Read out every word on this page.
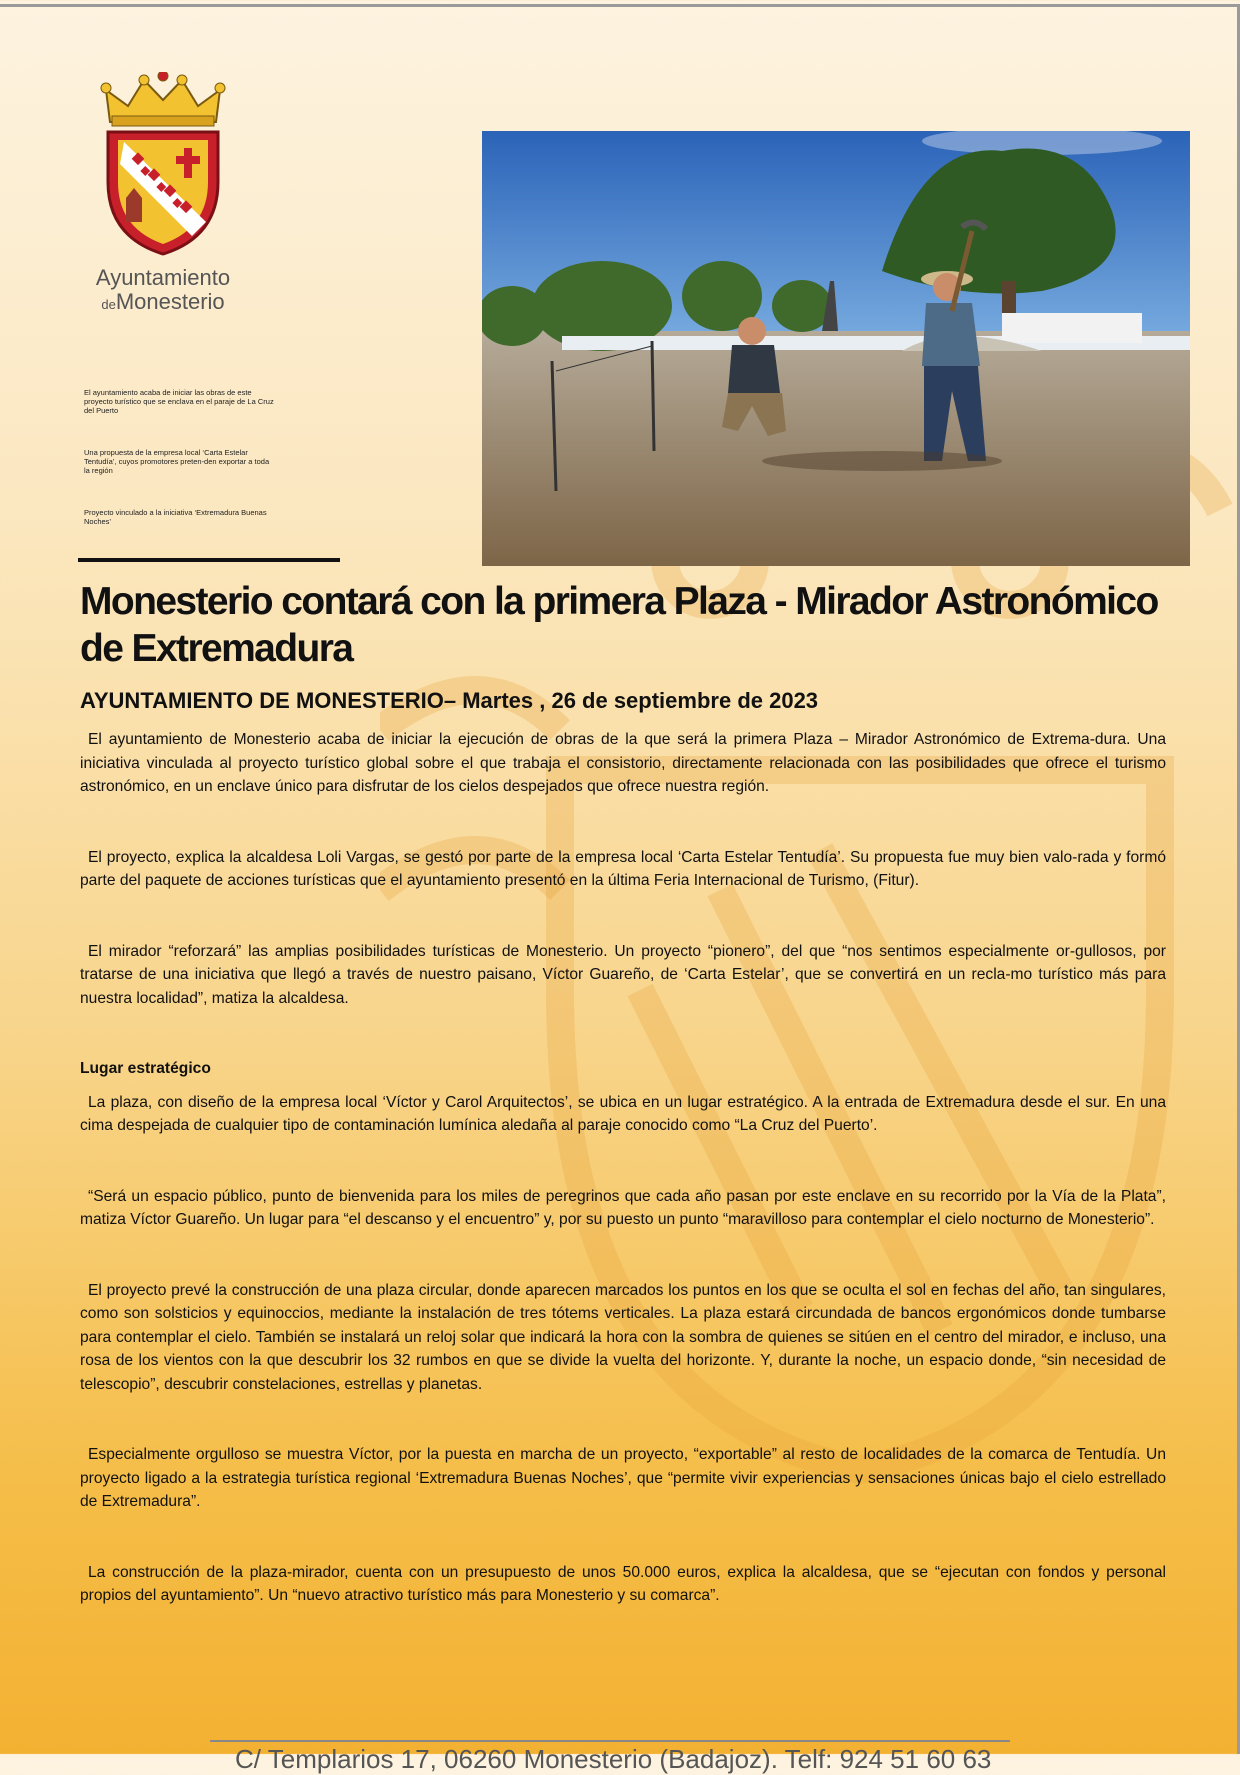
Ayuntamiento
deMonesterio

El ayuntamiento acaba de iniciar las obras de este proyecto turístico que se enclava en el paraje de La Cruz del Puerto

Una propuesta de la empresa local ‘Carta Estelar Tentudía’, cuyos promotores preten-den exportar a toda la región

Proyecto vinculado a la iniciativa ‘Extremadura Buenas Noches’

Monesterio contará con la primera Plaza - Mirador Astronómico de Extremadura
AYUNTAMIENTO DE MONESTERIO– Martes , 26 de septiembre de 2023

El ayuntamiento de Monesterio acaba de iniciar la ejecución de obras de la que será la primera Plaza – Mirador Astronómico de Extrema-dura. Una iniciativa vinculada al proyecto turístico global sobre el que trabaja el consistorio, directamente relacionada con las posibilidades que ofrece el turismo astronómico, en un enclave único para disfrutar de los cielos despejados que ofrece nuestra región.

El proyecto, explica la alcaldesa Loli Vargas, se gestó por parte de la empresa local ‘Carta Estelar Tentudía’. Su propuesta fue muy bien valo-rada y formó parte del paquete de acciones turísticas que el ayuntamiento presentó en la última Feria Internacional de Turismo, (Fitur).

El mirador “reforzará” las amplias posibilidades turísticas de Monesterio. Un proyecto “pionero”, del que “nos sentimos especialmente or-gullosos, por tratarse de una iniciativa que llegó a través de nuestro paisano, Víctor Guareño, de ‘Carta Estelar’, que se convertirá en un recla-mo turístico más para nuestra localidad”, matiza la alcaldesa.

Lugar estratégico

La plaza, con diseño de la empresa local ‘Víctor y Carol Arquitectos’, se ubica en un lugar estratégico. A la entrada de Extremadura desde el sur. En una cima despejada de cualquier tipo de contaminación lumínica aledaña al paraje conocido como “La Cruz del Puerto’.

“Será un espacio público, punto de bienvenida para los miles de peregrinos que cada año pasan por este enclave en su recorrido por la Vía de la Plata”, matiza Víctor Guareño. Un lugar para “el descanso y el encuentro” y, por su puesto un punto “maravilloso para contemplar el cielo nocturno de Monesterio”.

El proyecto prevé la construcción de una plaza circular, donde aparecen marcados los puntos en los que se oculta el sol en fechas del año, tan singulares, como son solsticios y equinoccios, mediante la instalación de tres tótems verticales. La plaza estará circundada de bancos ergonómicos donde tumbarse para contemplar el cielo. También se instalará un reloj solar que indicará la hora con la sombra de quienes se sitúen en el centro del mirador, e incluso, una rosa de los vientos con la que descubrir los 32 rumbos en que se divide la vuelta del horizonte. Y, durante la noche, un espacio donde, “sin necesidad de telescopio”, descubrir constelaciones, estrellas y planetas.

Especialmente orgulloso se muestra Víctor, por la puesta en marcha de un proyecto, “exportable” al resto de localidades de la comarca de Tentudía. Un proyecto ligado a la estrategia turística regional ‘Extremadura Buenas Noches’, que “permite vivir experiencias y sensaciones únicas bajo el cielo estrellado de Extremadura”.

La construcción de la plaza-mirador, cuenta con un presupuesto de unos 50.000 euros, explica la alcaldesa, que se “ejecutan con fondos y personal propios del ayuntamiento”. Un “nuevo atractivo turístico más para Monesterio y su comarca”.

C/ Templarios 17, 06260 Monesterio (Badajoz). Telf: 924 51 60 63
